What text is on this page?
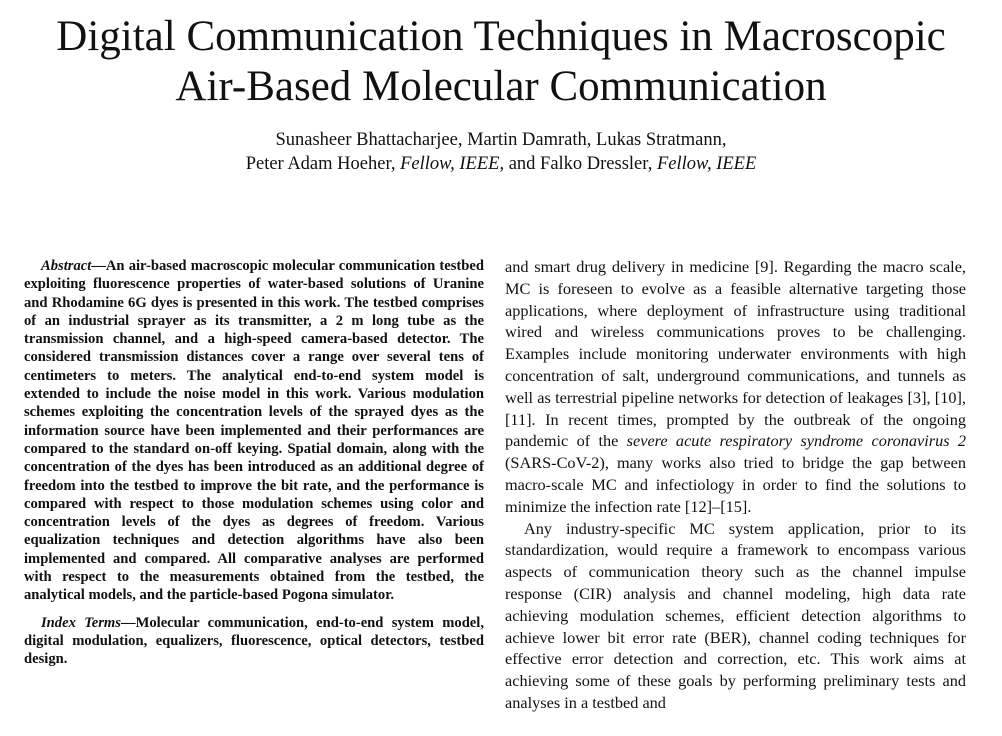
Digital Communication Techniques in Macroscopic
Air-Based Molecular Communication
Sunasheer Bhattacharjee, Martin Damrath, Lukas Stratmann,
Peter Adam Hoeher, Fellow, IEEE, and Falko Dressler, Fellow, IEEE

Abstract—An air-based macroscopic molecular communication testbed exploiting fluorescence properties of water-based solutions of Uranine and Rhodamine 6G dyes is presented in this work. The testbed comprises of an industrial sprayer as its transmitter, a 2 m long tube as the transmission channel, and a high-speed camera-based detector. The considered transmission distances cover a range over several tens of centimeters to meters. The analytical end-to-end system model is extended to include the noise model in this work. Various modulation schemes exploiting the concentration levels of the sprayed dyes as the information source have been implemented and their performances are compared to the standard on-off keying. Spatial domain, along with the concentration of the dyes has been introduced as an additional degree of freedom into the testbed to improve the bit rate, and the performance is compared with respect to those modulation schemes using color and concentration levels of the dyes as degrees of freedom. Various equalization techniques and detection algorithms have also been implemented and compared. All comparative analyses are performed with respect to the measurements obtained from the testbed, the analytical models, and the particle-based Pogona simulator.

Index Terms—Molecular communication, end-to-end system model, digital modulation, equalizers, fluorescence, optical detectors, testbed design.

and smart drug delivery in medicine [9]. Regarding the macro scale, MC is foreseen to evolve as a feasible alternative targeting those applications, where deployment of infrastructure using traditional wired and wireless communications proves to be challenging. Examples include monitoring underwater environments with high concentration of salt, underground communications, and tunnels as well as terrestrial pipeline networks for detection of leakages [3], [10], [11]. In recent times, prompted by the outbreak of the ongoing pandemic of the severe acute respiratory syndrome coronavirus 2 (SARS-CoV-2), many works also tried to bridge the gap between macro-scale MC and infectiology in order to find the solutions to minimize the infection rate [12]–[15].

Any industry-specific MC system application, prior to its standardization, would require a framework to encompass various aspects of communication theory such as the channel impulse response (CIR) analysis and channel modeling, high data rate achieving modulation schemes, efficient detection algorithms to achieve lower bit error rate (BER), channel coding techniques for effective error detection and correction, etc. This work aims at achieving some of these goals by performing preliminary tests and analyses in a testbed and
